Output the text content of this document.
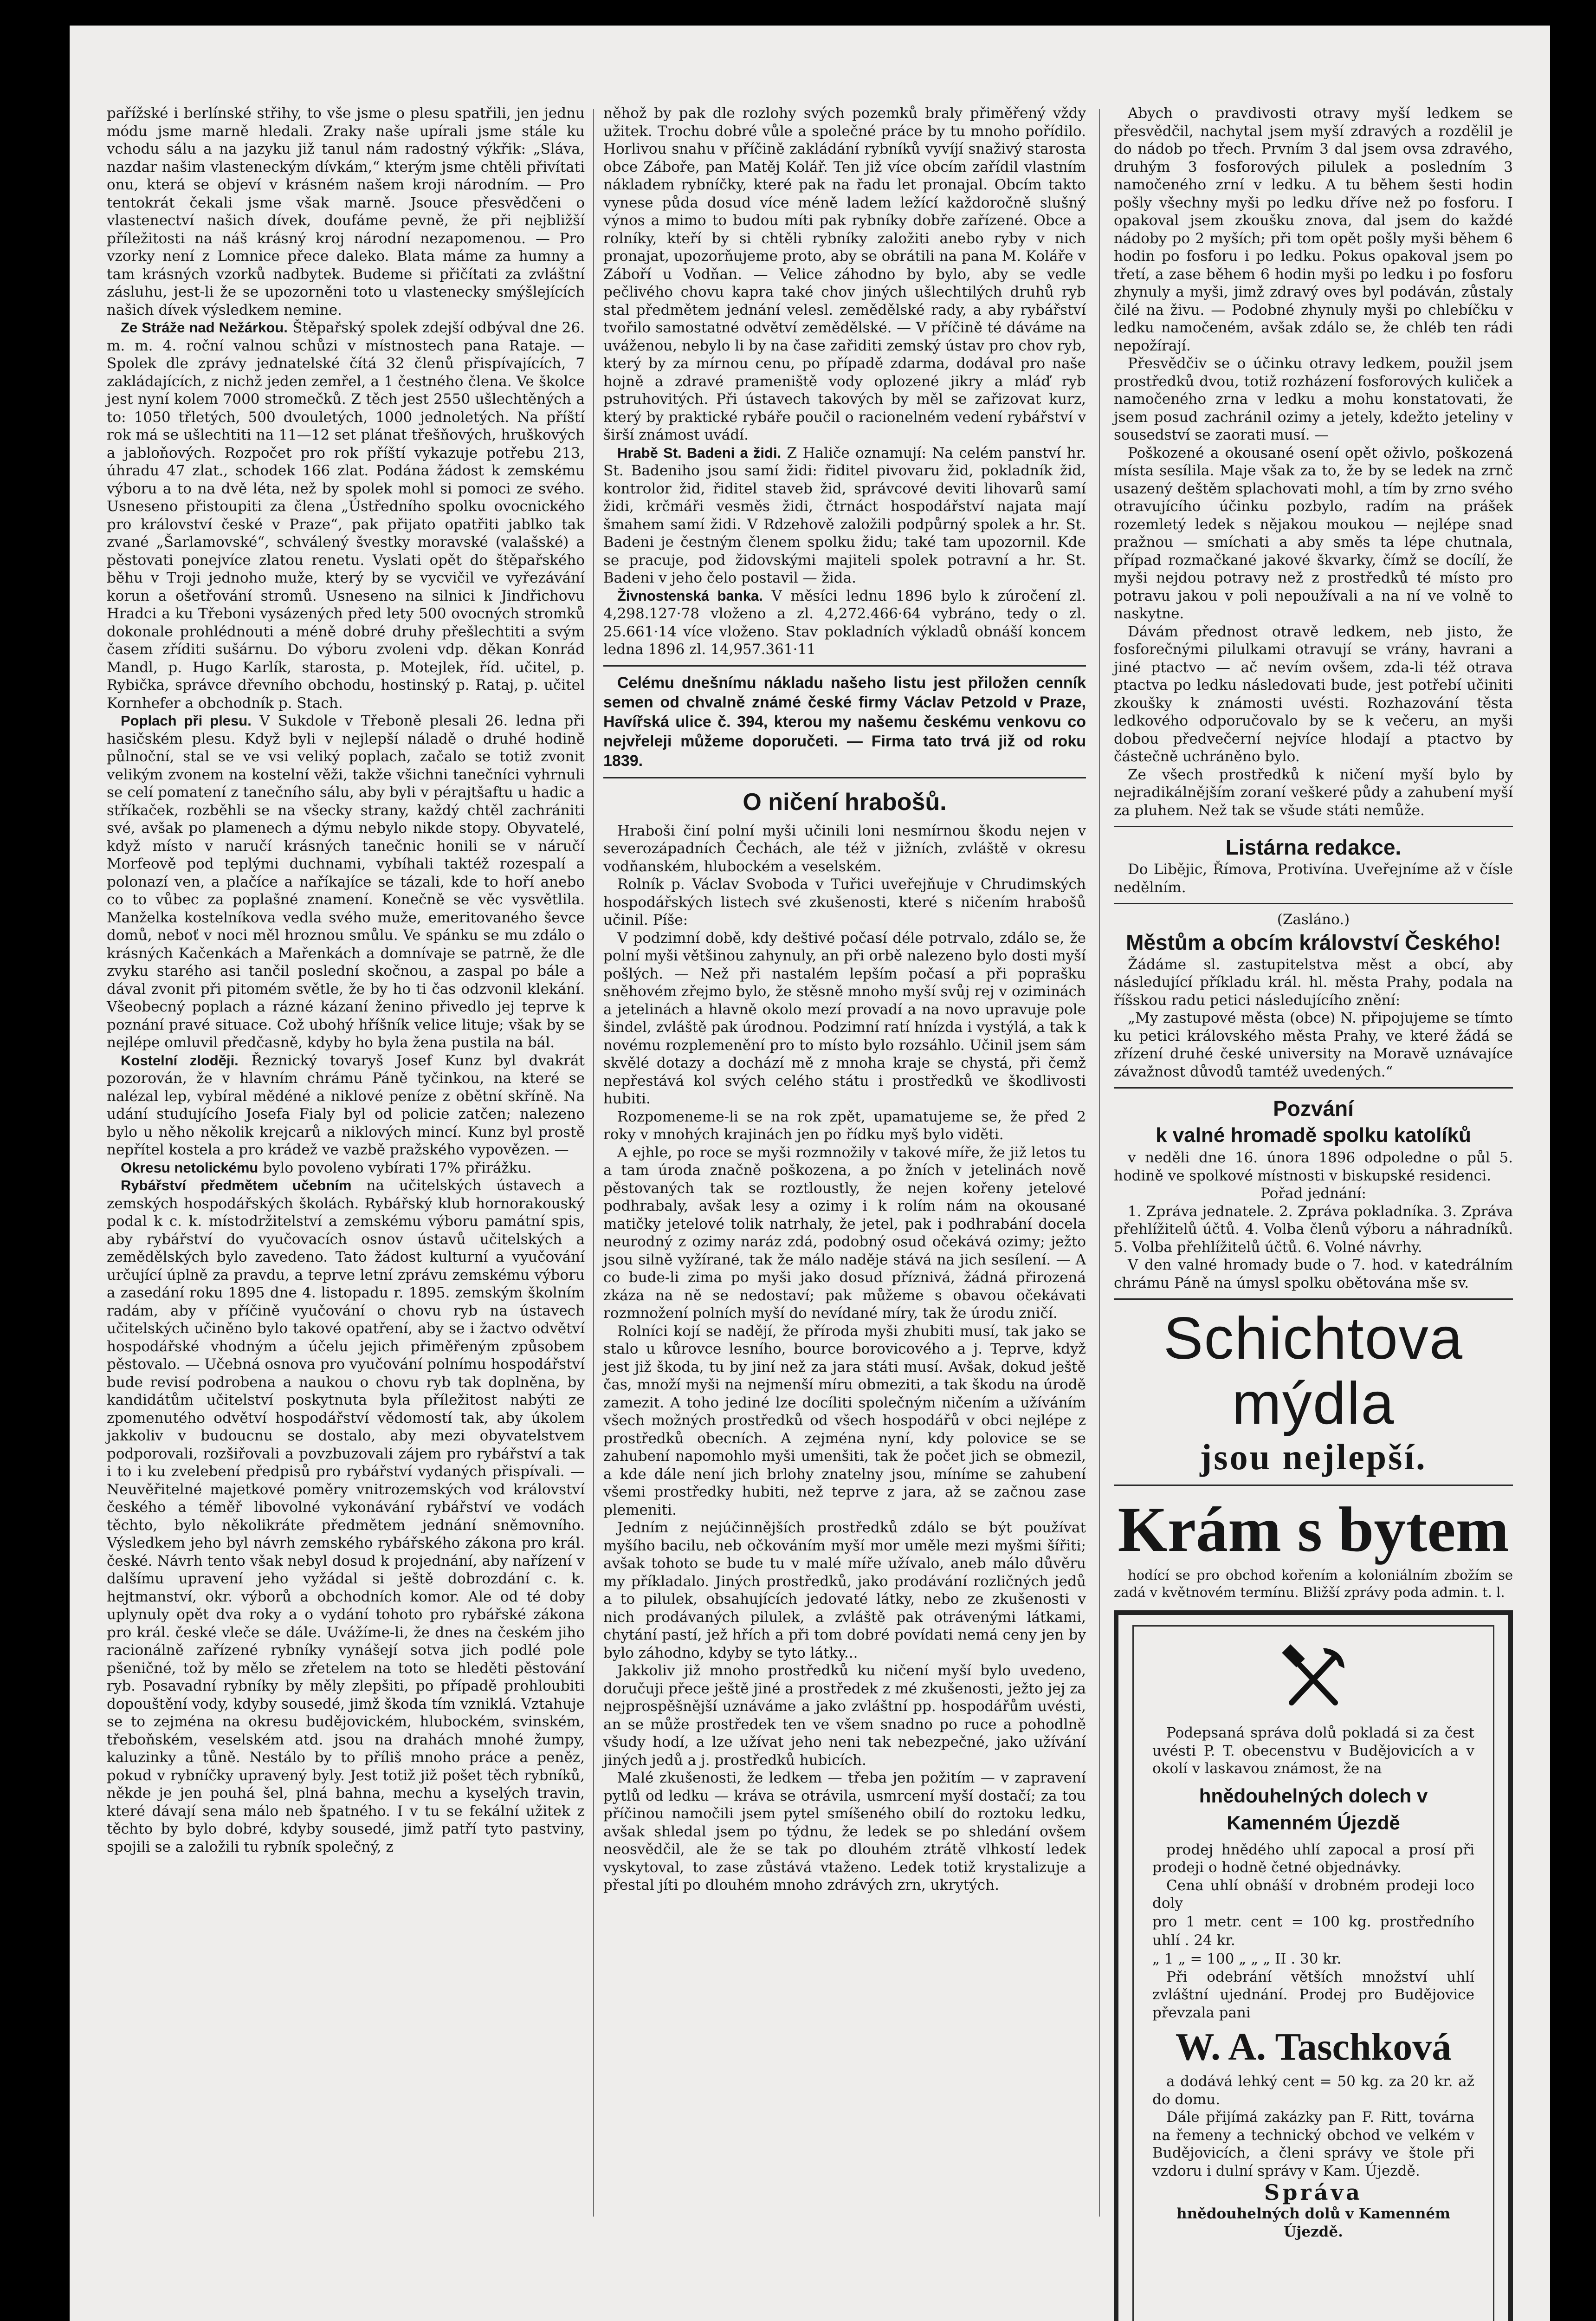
pařížské i berlínské střihy, to vše jsme o plesu spatřili, jen jednu módu jsme marně hledali. Zraky naše upírali jsme stále ku vchodu sálu a na jazyku již tanul nám radostný výkřik: „Sláva, nazdar našim vlasteneckým dívkám,“ kterým jsme chtěli přivítati onu, která se objeví v krásném našem kroji národním. — Pro tentokrát čekali jsme však marně. Jsouce přesvědčeni o vlastenectví našich dívek, doufáme pevně, že při nejbližší příležitosti na náš krásný kroj národní nezapomenou. — Pro vzorky není z Lomnice přece daleko. Blata máme za humny a tam krásných vzorků nadbytek. Budeme si přičítati za zvláštní zásluhu, jest-li že se upozorněni toto u vlastenecky smýšlejících našich dívek výsledkem nemine.

Ze Stráže nad Nežárkou. Štěpařský spolek zdejší odbýval dne 26. m. m. 4. roční valnou schůzi v místnostech pana Rataje. — Spolek dle zprávy jednatelské čítá 32 členů přispívajících, 7 zakládajících, z nichž jeden zemřel, a 1 čestného člena. Ve školce jest nyní kolem 7000 stromečků. Z těch jest 2550 ušlechtěných a to: 1050 třletých, 500 dvouletých, 1000 jednoletých. Na příští rok má se ušlechtiti na 11—12 set plánat třešňových, hruškových a jabloňových. Rozpočet pro rok příští vykazuje potřebu 213, úhradu 47 zlat., schodek 166 zlat. Podána žádost k zemskému výboru a to na dvě léta, než by spolek mohl si pomoci ze svého. Usneseno přistoupiti za člena „Ústředního spolku ovocnického pro království české v Praze“, pak přijato opatřiti jablko tak zvané „Šarlamovské“, schválený švestky moravské (valašské) a pěstovati ponejvíce zlatou renetu. Vyslati opět do štěpařského běhu v Troji jednoho muže, který by se vycvičil ve vyřezávání korun a ošetřování stromů. Usneseno na silnici k Jindřichovu Hradci a ku Třeboni vysázených před lety 500 ovocných stromků dokonale prohlédnouti a méně dobré druhy přešlechtiti a svým časem zříditi sušárnu. Do výboru zvoleni vdp. děkan Konrád Mandl, p. Hugo Karlík, starosta, p. Motejlek, říd. učitel, p. Rybička, správce dřevního obchodu, hostinský p. Rataj, p. učitel Kornhefer a obchodník p. Stach.

Poplach při plesu. V Sukdole v Třeboně plesali 26. ledna při hasičském plesu. Když byli v nejlepší náladě o druhé hodině půlnoční, stal se ve vsi veliký poplach, začalo se totiž zvonit velikým zvonem na kostelní věži, takže všichni tanečníci vyhrnuli se celí pomatení z tanečního sálu, aby byli v pérajtšaftu u hadic a stříkaček, rozběhli se na všecky strany, každý chtěl zachrániti své, avšak po plamenech a dýmu nebylo nikde stopy. Obyvatelé, když místo v naručí krásných tanečnic honili se v náručí Morfeově pod teplými duchnami, vybíhali taktéž rozespalí a polonazí ven, a plačíce a naříkajíce se tázali, kde to hoří anebo co to vůbec za poplašné znamení. Konečně se věc vysvětlila. Manželka kostelníkova vedla svého muže, emeritovaného ševce domů, neboť v noci měl hroznou smůlu. Ve spánku se mu zdálo o krásných Kačenkách a Mařenkách a domnívaje se patrně, že dle zvyku starého asi tančil poslední skočnou, a zaspal po bále a dával zvonit při pitomém světle, že by ho ti čas odzvonil klekání. Všeobecný poplach a rázné kázaní ženino přivedlo jej teprve k poznání pravé situace. Což ubohý hříšník velice lituje; však by se nejlépe omluvil předčasně, kdyby ho byla žena pustila na bál.

Kostelní zloději. Řeznický tovaryš Josef Kunz byl dvakrát pozorován, že v hlavním chrámu Páně tyčinkou, na které se nalézal lep, vybíral mědéné a niklové peníze z obětní skříně. Na udání studujícího Josefa Fialy byl od policie zatčen; nalezeno bylo u něho několik krejcarů a niklových mincí. Kunz byl prostě nepřítel kostela a pro krádež ve vazbě pražského vypovězen. —

Okresu netolickému bylo povoleno vybírati 17% přirážku.

Rybářství předmětem učebním na učitelských ústavech a zemských hospodářských školách. Rybářský klub hornorakouský podal k c. k. místodržitelství a zemskému výboru památní spis, aby rybářství do vyučovacích osnov ústavů učitelských a zemědělských bylo zavedeno. Tato žádost kulturní a vyučování určující úplně za pravdu, a teprve letní zprávu zemskému výboru a zasedání roku 1895 dne 4. listopadu r. 1895. zemským školním radám, aby v příčině vyučování o chovu ryb na ústavech učitelských učiněno bylo takové opatření, aby se i žactvo odvětví hospodářské vhodným a účelu jejich přiměřeným způsobem pěstovalo. — Učebná osnova pro vyučování polnímu hospodářství bude revisí podrobena a naukou o chovu ryb tak doplněna, by kandidátům učitelství poskytnuta byla příležitost nabýti ze zpomenutého odvětví hospodářství vědomostí tak, aby úkolem jakkoliv v budoucnu se dostalo, aby mezi obyvatelstvem podporovali, rozšiřovali a povzbuzovali zájem pro rybářství a tak i to i ku zvelebení předpisů pro rybářství vydaných přispívali. — Neuvěřitelné majetkové poměry vnitrozemských vod království českého a téměř libovolné vykonávání rybářství ve vodách těchto, bylo několikráte předmětem jednání sněmovního. Výsledkem jeho byl návrh zemského rybářského zákona pro král. české. Návrh tento však nebyl dosud k projednání, aby nařízení v dalšímu upravení jeho vyžádal si ještě dobrozdání c. k. hejtmanství, okr. výborů a obchodních komor. Ale od té doby uplynuly opět dva roky a o vydání tohoto pro rybářské zákona pro král. české vleče se dále. Uvážíme-li, že dnes na českém jiho racionálně zařízené rybníky vynášejí sotva jich podlé pole pšeničné, tož by mělo se zřetelem na toto se hleděti pěstování ryb. Posavadní rybníky by měly zlepšiti, po případě prohloubiti dopouštění vody, kdyby sousedé, jimž škoda tím vzniklá. Vztahuje se to zejména na okresu budějovickém, hlubockém, svinském, třeboňském, veselském atd. jsou na drahách mnohé žumpy, kaluzinky a tůně. Nestálo by to příliš mnoho práce a peněz, pokud v rybníčky upravený byly. Jest totiž již pošet těch rybníků, někde je jen pouhá šel, plná bahna, mechu a kyselých travin, které dávají sena málo neb špatného. I v tu se fekální užitek z těchto by bylo dobré, kdyby sousedé, jimž patří tyto pastviny, spojili se a založili tu rybník společný, z

něhož by pak dle rozlohy svých pozemků braly přiměřený vždy užitek. Trochu dobré vůle a společné práce by tu mnoho pořídilo. Horlivou snahu v příčině zakládání rybníků vyvíjí snaživý starosta obce Záboře, pan Matěj Kolář. Ten již více obcím zařídil vlastním nákladem rybníčky, které pak na řadu let pronajal. Obcím takto vynese půda dosud více méně ladem ležící každoročně slušný výnos a mimo to budou míti pak rybníky dobře zařízené. Obce a rolníky, kteří by si chtěli rybníky založiti anebo ryby v nich pronajat, upozorňujeme proto, aby se obrátili na pana M. Koláře v Záboří u Vodňan. — Velice záhodno by bylo, aby se vedle pečlivého chovu kapra také chov jiných ušlechtilých druhů ryb stal předmětem jednání velesl. zemědělské rady, a aby rybářství tvořilo samostatné odvětví zemědělské. — V příčině té dáváme na uváženou, nebylo li by na čase zařiditi zemský ústav pro chov ryb, který by za mírnou cenu, po případě zdarma, dodával pro naše hojně a zdravé prameniště vody oplozené jikry a mláď ryb pstruhovitých. Při ústavech takových by měl se zařizovat kurz, který by praktické rybáře poučil o racionelném vedení rybářství v širší známost uvádí.

Hrabě St. Badeni a židi. Z Haliče oznamují: Na celém panství hr. St. Badeniho jsou samí židi: řiditel pivovaru žid, pokladník žid, kontrolor žid, řiditel staveb žid, správcové deviti lihovarů samí židi, krčmáři vesměs židi, čtrnáct hospodářství najata mají šmahem samí židi. V Rdzehově založili podpůrný spolek a hr. St. Badeni je čestným členem spolku židu; také tam upozornil. Kde se pracuje, pod židovskými majiteli spolek potravní a hr. St. Badeni v jeho čelo postavil — žida.

Živnostenská banka. V měsíci lednu 1896 bylo k zúročení zl. 4,298.127·78 vloženo a zl. 4,272.466·64 vybráno, tedy o zl. 25.661·14 více vloženo. Stav pokladních výkladů obnáší koncem ledna 1896 zl. 14,957.361·11

Celému dnešnímu nákladu našeho listu jest přiložen cenník semen od chvalně známé české firmy Václav Petzold v Praze, Havířská ulice č. 394, kterou my našemu českému venkovu co nejvřeleji můžeme doporučeti. — Firma tato trvá již od roku 1839.

O ničení hrabošů.

Hraboši činí polní myši učinili loni nesmírnou škodu nejen v severozápadních Čechách, ale též v jižních, zvláště v okresu vodňanském, hlubockém a veselském.

Rolník p. Václav Svoboda v Tuřici uveřejňuje v Chrudimských hospodářských listech své zkušenosti, které s ničením hrabošů učinil. Píše:

V podzimní době, kdy deštivé počasí déle potrvalo, zdálo se, že polní myši většinou zahynuly, an při orbě nalezeno bylo dosti myší pošlých. — Než při nastalém lepším počasí a při poprašku sněhovém zřejmo bylo, že stěsně mnoho myší svůj rej v oziminách a jetelinách a hlavně okolo mezí provadí a na novo upravuje pole šindel, zvláště pak úrodnou. Podzimní ratí hnízda i vystýlá, a tak k novému rozplemenění pro to místo bylo rozsáhlo. Učinil jsem sám skvělé dotazy a dochází mě z mnoha kraje se chystá, při čemž nepřestává kol svých celého státu i prostředků ve škodlivosti hubiti.

Rozpomeneme-li se na rok zpět, upamatujeme se, že před 2 roky v mnohých krajinách jen po řídku myš bylo viděti.

A ejhle, po roce se myši rozmnožily v takové míře, že již letos tu a tam úroda značně poškozena, a po žních v jetelinách nově pěstovaných tak se roztloustly, že nejen kořeny jetelové podhrabaly, avšak lesy a ozimy i k rolím nám na okousané matičky jetelové tolik natrhaly, že jetel, pak i podhrabání docela neurodný z ozimy naráz zdá, podobný osud očekává ozimy; ježto jsou silně vyžírané, tak že málo naděje stává na jich sesílení. — A co bude-li zima po myši jako dosud příznivá, žádná přirozená zkáza na ně se nedostaví; pak můžeme s obavou očekávati rozmnožení polních myší do nevídané míry, tak že úrodu zničí.

Rolníci kojí se nadějí, že příroda myši zhubiti musí, tak jako se stalo u kůrovce lesního, bource borovicového a j. Teprve, když jest již škoda, tu by jiní než za jara státi musí. Avšak, dokud ještě čas, množí myši na nejmenší míru obmeziti, a tak škodu na úrodě zamezit. A toho jediné lze docíliti společným ničením a užíváním všech možných prostředků od všech hospodářů v obci nejlépe z prostředků obecních. A zejména nyní, kdy polovice se se zahubení napomohlo myši umenšiti, tak že počet jich se obmezil, a kde dále není jich brlohy znatelny jsou, míníme se zahubení všemi prostředky hubiti, než teprve z jara, až se začnou zase plemeniti.

Jedním z nejúčinnějších prostředků zdálo se být používat myšího bacilu, neb očkováním myší mor uměle mezi myšmi šířiti; avšak tohoto se bude tu v malé míře užívalo, aneb málo důvěru my příkladalo. Jiných prostředků, jako prodávání rozličných jedů a to pilulek, obsahujících jedovaté látky, nebo ze zkušenosti v nich prodávaných pilulek, a zvláště pak otrávenými látkami, chytání pastí, jež hřích a při tom dobré povídati nemá ceny jen by bylo záhodno, kdyby se tyto látky...

Jakkoliv již mnoho prostředků ku ničení myší bylo uvedeno, doručuji přece ještě jiné a prostředek z mé zkušenosti, ježto jej za nejprospěšnější uznáváme a jako zvláštní pp. hospodářům uvésti, an se může prostředek ten ve všem snadno po ruce a pohodlně všudy hodí, a lze užívat jeho neni tak nebezpečné, jako užívání jiných jedů a j. prostředků hubicích.

Malé zkušenosti, že ledkem — třeba jen požitím — v zapravení pytlů od ledku — kráva se otrávila, usmrcení myší dostačí; za tou příčinou namočili jsem pytel smíšeného obilí do roztoku ledku, avšak shledal jsem po týdnu, že ledek se po shledání ovšem neosvědčil, ale že se tak po dlouhém ztrátě vlhkostí ledek vyskytoval, to zase zůstává vtaženo. Ledek totiž krystalizuje a přestal jíti po dlouhém mnoho zdrávých zrn, ukrytých.

Abych o pravdivosti otravy myší ledkem se přesvědčil, nachytal jsem myší zdravých a rozdělil je do nádob po třech. Prvním 3 dal jsem ovsa zdravého, druhým 3 fosforových pilulek a posledním 3 namočeného zrní v ledku. A tu během šesti hodin pošly všechny myši po ledku dříve než po fosforu. I opakoval jsem zkoušku znova, dal jsem do každé nádoby po 2 myších; při tom opět pošly myši během 6 hodin po fosforu i po ledku. Pokus opakoval jsem po třetí, a zase během 6 hodin myši po ledku i po fosforu zhynuly a myši, jimž zdravý oves byl podáván, zůstaly čilé na živu. — Podobné zhynuly myši po chlebíčku v ledku namočeném, avšak zdálo se, že chléb ten rádi nepožírají.

Přesvědčiv se o účinku otravy ledkem, použil jsem prostředků dvou, totiž rozházení fosforových kuliček a namočeného zrna v ledku a mohu konstatovati, že jsem posud zachránil ozimy a jetely, kdežto jeteliny v sousedství se zaorati musí. —

Poškozené a okousané osení opět oživlo, poškozená místa sesílila. Maje však za to, že by se ledek na zrnč usazený deštěm splachovati mohl, a tím by zrno svého otravujícího účinku pozbylo, radím na prášek rozemletý ledek s nějakou moukou — nejlépe snad pražnou — smíchati a aby směs ta lépe chutnala, případ rozmačkané jakové škvarky, čímž se docílí, že myši nejdou potravy než z prostředků té místo pro potravu jakou v poli nepoužívali a na ní ve volně to naskytne.

Dávám přednost otravě ledkem, neb jisto, že fosforečnými pilulkami otravují se vrány, havrani a jiné ptactvo — ač nevím ovšem, zda-li též otrava ptactva po ledku následovati bude, jest potřebí učiniti zkoušky k známosti uvésti. Rozhazování těsta ledkového odporučovalo by se k večeru, an myši dobou předvečerní nejvíce hlodají a ptactvo by částečně uchráněno bylo.

Ze všech prostředků k ničení myší bylo by nejradikálnějším zoraní veškeré půdy a zahubení myší za pluhem. Než tak se všude státi nemůže.

Listárna redakce.

Do Libějic, Římova, Protivína. Uveřejníme až v čísle nedělním.

(Zasláno.)

Městům a obcím království Českého!

Žádáme sl. zastupitelstva měst a obcí, aby následující příkladu král. hl. města Prahy, podala na říšskou radu petici následujícího znění:

„My zastupové města (obce) N. připojujeme se tímto ku petici královského města Prahy, ve které žádá se zřízení druhé české university na Moravě uznávajíce závažnost důvodů tamtéž uvedených.“

Pozvání
k valné hromadě spolku katolíků

v neděli dne 16. února 1896 odpoledne o půl 5. hodině ve spolkové místnosti v biskupské residenci.

Pořad jednání:

1. Zpráva jednatele. 2. Zpráva pokladníka. 3. Zpráva přehlížitelů účtů. 4. Volba členů výboru a náhradníků. 5. Volba přehlížitelů účtů. 6. Volné návrhy.

V den valné hromady bude o 7. hod. v katedrálním chrámu Páně na úmysl spolku obětována mše sv.

Schichtova mýdla
jsou nejlepší.
Krám s bytem

hodící se pro obchod kořením a koloniálním zbožím se zadá v květnovém termínu. Bližší zprávy poda admin. t. l.

Podepsaná správa dolů pokladá si za čest uvésti P. T. obecenstvu v Budějovicích a v okolí v laskavou známost, že na

hnědouhelných dolech v Kamenném Újezdě

prodej hnědého uhlí zapocal a prosí při prodeji o hodně četné objednávky.

Cena uhlí obnáší v drobném prodeji loco doly

pro 1 metr. cent = 100 kg. prostředního uhlí . 24 kr.

„ 1 „ = 100 „ „ „ II . 30 kr.

Při odebrání větších množství uhlí zvláštní ujednání. Prodej pro Budějovice převzala pani

W. A. Taschková

a dodává lehký cent = 50 kg. za 20 kr. až do domu.

Dále přijímá zakázky pan F. Ritt, továrna na řemeny a technický obchod ve velkém v Budějovicích, a členi správy ve štole při vzdoru i dulní správy v Kam. Újezdě.

Správa

hnědouhelných dolů v Kamenném Újezdě.
